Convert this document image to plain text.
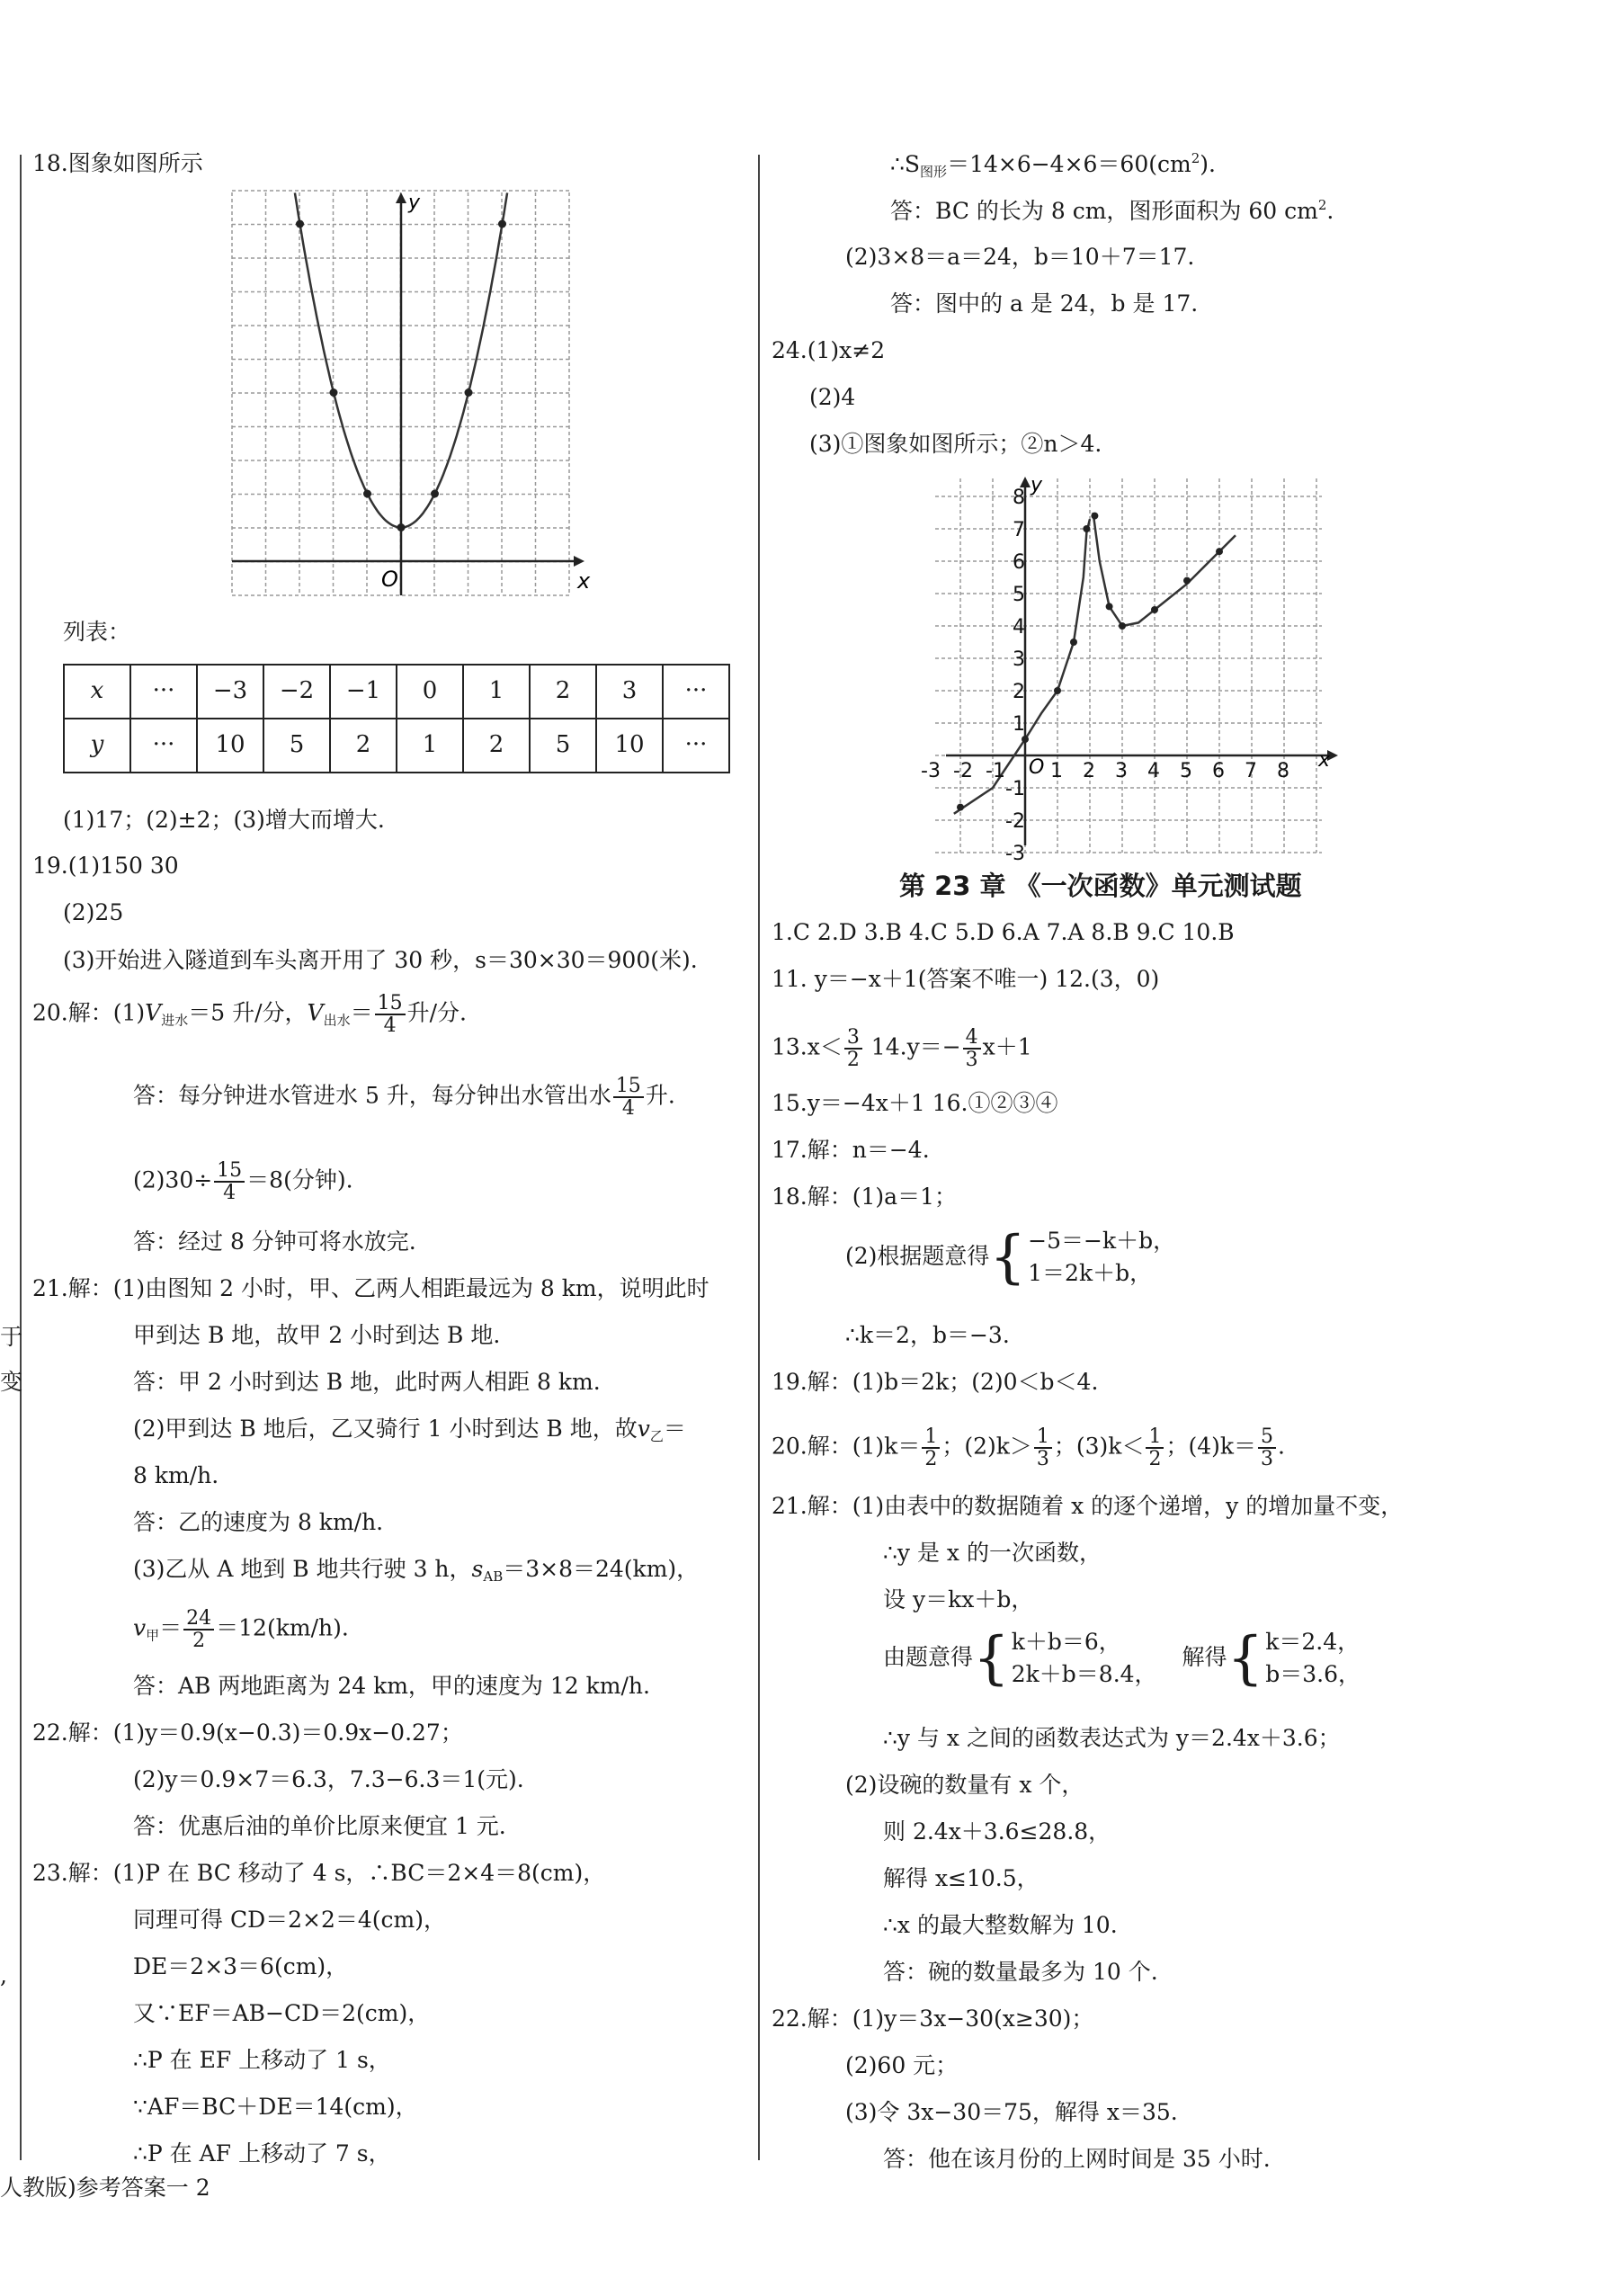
于
变
,
18.图象如图所示
x
y
O
列表：
x	···	−3	−2	−1	0	1	2	3	···
y	···	10	5	2	1	2	5	10	···
(1)17；(2)±2；(3)增大而增大.
19.(1)150 30
(2)25
(3)开始进入隧道到车头离开用了 30 秒，s＝30×30＝900(米).
20.解：$(1)V_{进水}=5$ 升/分，$V_{出水}= \frac{15}{4}$ 升/分.
答：每分钟进水管进水 5 升，每分钟出水管出水 $\frac{15}{4}$ 升.
$(2)30\div \frac{15}{4} =8$(分钟).
答：经过 8 分钟可将水放完.
21.解：(1)由图知 2 小时，甲、乙两人相距最远为 8 km，说明此时
甲到达 B 地，故甲 2 小时到达 B 地.
答：甲 2 小时到达 B 地，此时两人相距 8 km.
(2)甲到达 B 地后，乙又骑行 1 小时到达 B 地，故$v_乙=$
8 km/h.
答：乙的速度为 8 km/h.
(3)乙从 A 地到 B 地共行驶 3 h，$s_{AB}=3\times 8=24(km)$，
$v_甲= \frac{24}{2} =12(km/h)$.
答：AB 两地距离为 24 km，甲的速度为 12 km/h.
22.解：(1)y＝0.9(x−0.3)＝0.9x−0.27；
(2)y＝0.9×7＝6.3，7.3−6.3＝1(元).
答：优惠后油的单价比原来便宜 1 元.
23.解：(1)P 在 BC 移动了 4 s，∴BC＝2×4＝8(cm)，
同理可得 CD＝2×2＝4(cm)，
DE＝2×3＝6(cm)，
又∵EF＝AB−CD＝2(cm)，
∴P 在 EF 上移动了 1 s，
∵AF＝BC＋DE＝14(cm)，
∴P 在 AF 上移动了 7 s，
人教版)参考答案一 2
$\therefore S_{图形}=14\times 6-4\times 6=60(cm^2)$.
答：BC 的长为 8 cm，图形面积为 60 $cm^2$.
(2)3×8＝a＝24，b＝10＋7＝17.
答：图中的 a 是 24，b 是 17.
24.(1)x≠2
(2)4
(3)①图象如图所示；②n＞4.
-3 -2 -1 1 2 3 4 5 6 7 8
8
7
6
5
4
3
2
1
-1
-2
-3
x
y
O
第 23 章 《一次函数》单元测试题
1.C 2.D 3.B 4.C 5.D 6.A 7.A 8.B 9.C 10.B
11. y＝−x＋1(答案不唯一) 12.(3，0)
$13.x< \frac{3}{2} 14.y=- \frac{4}{3} x+1$
15.y＝−4x＋1 16.①②③④
17.解：n＝−4.
18.解：(1)a＝1；
(2)根据题意得{−5＝−k＋b，
1＝2k＋b，
∴k＝2，b＝−3.
19.解：(1)b＝2k；(2)0＜b＜4.
20.解：$(1)k= \frac{1}{2}$ ；$(2)k> \frac{1}{3}$ ；$(3)k< \frac{1}{2}$ ；$(4)k= \frac{5}{3}$ .
21.解：(1)由表中的数据随着 x 的逐个递增，y 的增加量不变，
∴y 是 x 的一次函数，
设 y＝kx＋b，
由题意得{k＋b＝6，
2k＋b＝8.4， 解得{k＝2.4，
b＝3.6，
∴y 与 x 之间的函数表达式为 y＝2.4x＋3.6；
(2)设碗的数量有 x 个，
则 2.4x＋3.6≤28.8，
解得 x≤10.5，
∴x 的最大整数解为 10.
答：碗的数量最多为 10 个.
22.解：(1)y＝3x−30(x≥30)；
(2)60 元；
(3)令 3x−30＝75，解得 x＝35.
答：他在该月份的上网时间是 35 小时.
